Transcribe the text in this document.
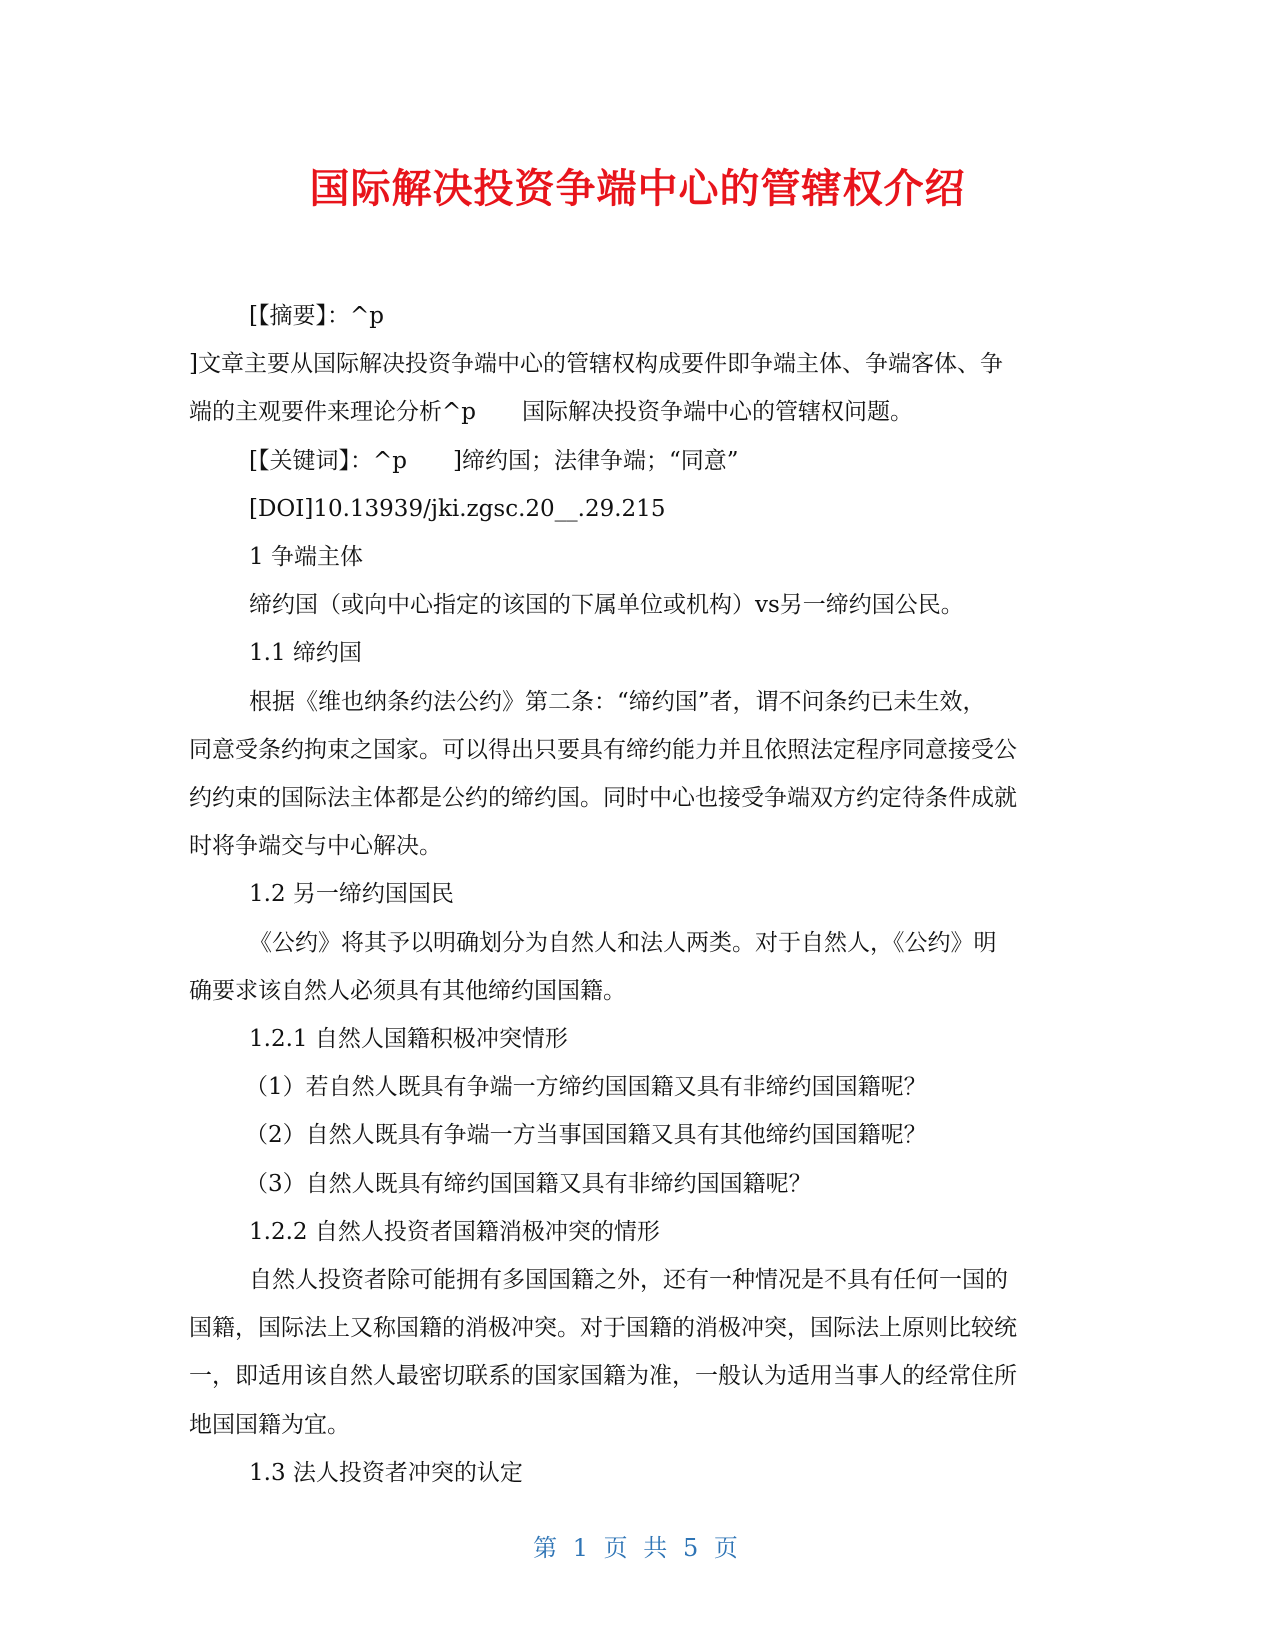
国际解决投资争端中心的管辖权介绍

[【摘要】：^p

]文章主要从国际解决投资争端中心的管辖权构成要件即争端主体、争端客体、争

端的主观要件来理论分析^p　　国际解决投资争端中心的管辖权问题。

[【关键词】：^p　　]缔约国；法律争端；“同意”

[DOI]10.13939/jki.zgsc.20__.29.215

1 争端主体

缔约国（或向中心指定的该国的下属单位或机构）vs另一缔约国公民。

1.1 缔约国

根据《维也纳条约法公约》第二条：“缔约国”者，谓不问条约已未生效，

同意受条约拘束之国家。可以得出只要具有缔约能力并且依照法定程序同意接受公

约约束的国际法主体都是公约的缔约国。同时中心也接受争端双方约定待条件成就

时将争端交与中心解决。

1.2 另一缔约国国民

《公约》将其予以明确划分为自然人和法人两类。对于自然人，《公约》明

确要求该自然人必须具有其他缔约国国籍。

1.2.1 自然人国籍积极冲突情形

（1）若自然人既具有争端一方缔约国国籍又具有非缔约国国籍呢？

（2）自然人既具有争端一方当事国国籍又具有其他缔约国国籍呢？

（3）自然人既具有缔约国国籍又具有非缔约国国籍呢？

1.2.2 自然人投资者国籍消极冲突的情形

自然人投资者除可能拥有多国国籍之外，还有一种情况是不具有任何一国的

国籍，国际法上又称国籍的消极冲突。对于国籍的消极冲突，国际法上原则比较统

一，即适用该自然人最密切联系的国家国籍为准，一般认为适用当事人的经常住所

地国国籍为宜。

1.3 法人投资者冲突的认定

第 1 页 共 5 页
